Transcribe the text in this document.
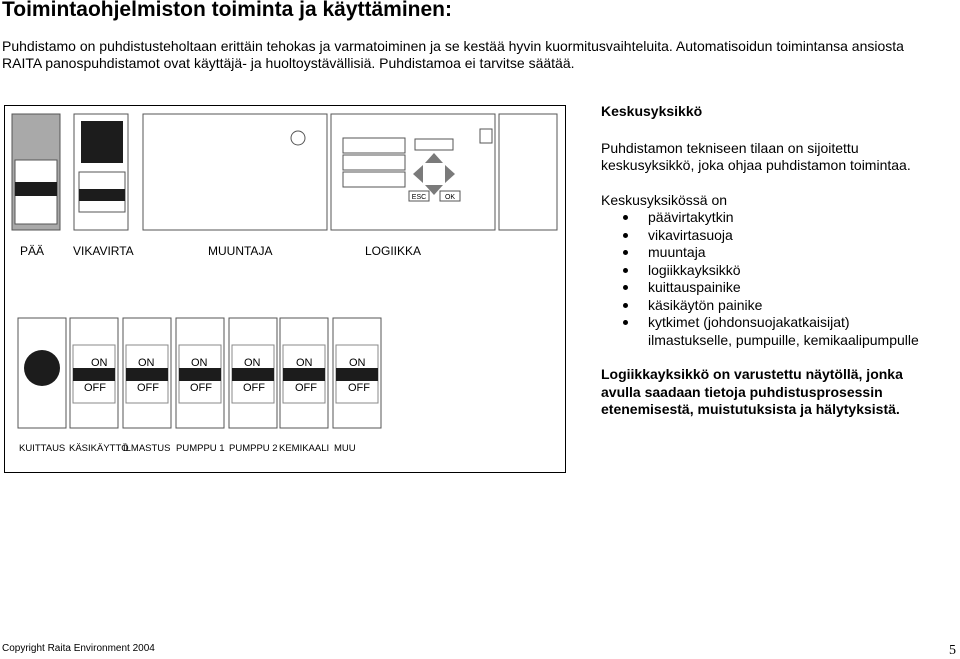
Toimintaohjelmiston toiminta ja käyttäminen:
Puhdistamo on puhdistusteholtaan erittäin tehokas ja varmatoiminen ja se kestää hyvin kuormitusvaihteluita. Automatisoidun toimintansa ansiosta
RAITA panospuhdistamot ovat käyttäjä- ja huoltoystävällisiä. Puhdistamoa ei tarvitse säätää.
ESC	OK
PÄÄ VIKAVIRTA	MUUNTAJA	LOGIIKKA
ON
OFF
ON
OFF
ON
OFF
ON
OFF
ON
OFF
ON
OFF
KUITTAUS KÄSIKÄYTTÖ
ILMASTUS PUMPPU 1 PUMPPU 2 KEMIKAALI MUU
Keskusyksikkö

Puhdistamon tekniseen tilaan on sijoitettu keskusyksikkö, joka ohjaa puhdistamon toimintaa.

Keskusyksikössä on

päävirtakytkin
vikavirtasuoja
muuntaja
logiikkayksikkö
kuittauspainike
käsikäytön painike
kytkimet (johdonsuojakatkaisijat) ilmastukselle, pumpuille, kemikaalipumpulle

Logiikkayksikkö on varustettu näytöllä, jonka avulla saadaan tietoja puhdistusprosessin etenemisestä, muistutuksista ja hälytyksistä.

Copyright Raita Environment 2004	5
